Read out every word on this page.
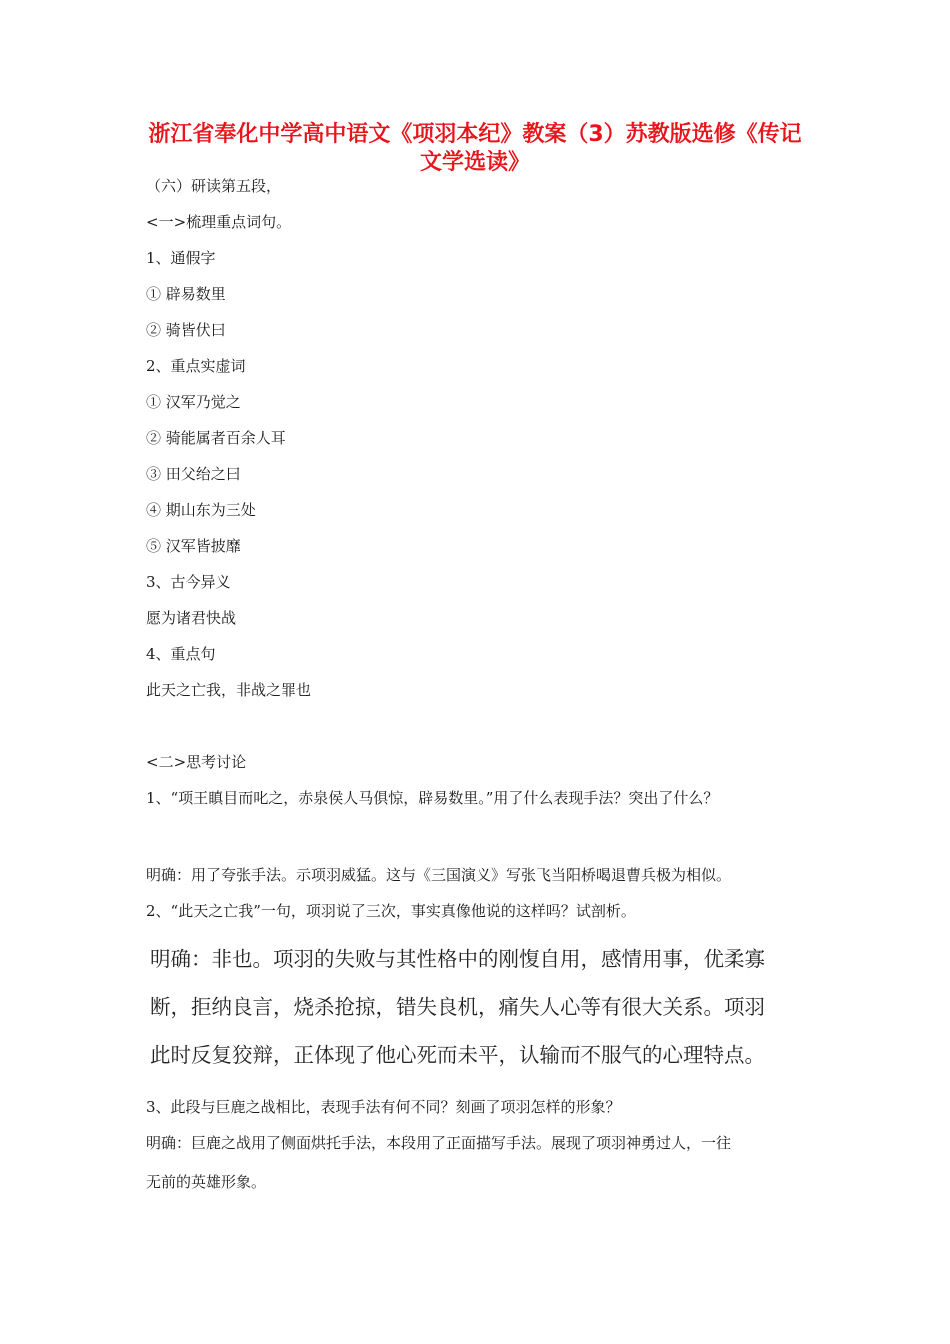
浙江省奉化中学高中语文《项羽本纪》教案（3）苏教版选修《传记
文学选读》
（六）研读第五段，
<一>梳理重点词句。
1、通假字
① 辟易数里
② 骑皆伏曰
2、重点实虚词
① 汉军乃觉之
② 骑能属者百余人耳
③ 田父绐之曰
④ 期山东为三处
⑤ 汉军皆披靡
3、古今异义
愿为诸君快战
4、重点句
此天之亡我，非战之罪也
<二>思考讨论
1、“项王瞋目而叱之，赤泉侯人马俱惊，辟易数里。”用了什么表现手法？突出了什么？
明确：用了夸张手法。示项羽威猛。这与《三国演义》写张飞当阳桥喝退曹兵极为相似。
2、“此天之亡我”一句，项羽说了三次，事实真像他说的这样吗？试剖析。
明确：非也。项羽的失败与其性格中的刚愎自用，感情用事，优柔寡
断，拒纳良言，烧杀抢掠，错失良机，痛失人心等有很大关系。项羽
此时反复狡辩，正体现了他心死而未平，认输而不服气的心理特点。
3、此段与巨鹿之战相比，表现手法有何不同？刻画了项羽怎样的形象？
明确：巨鹿之战用了侧面烘托手法，本段用了正面描写手法。展现了项羽神勇过人，一往
无前的英雄形象。
